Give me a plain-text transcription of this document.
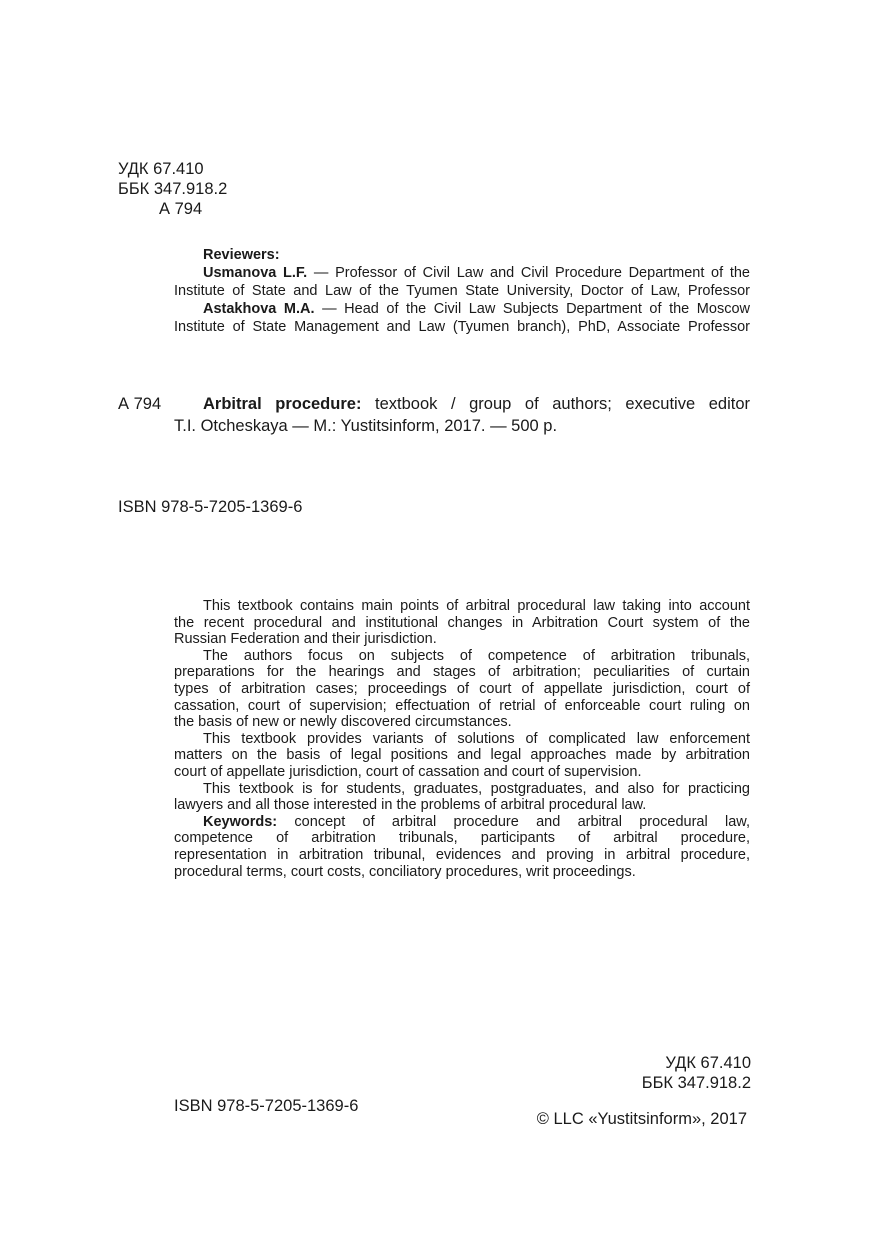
УДК 67.410
ББК 347.918.2
А 794
Reviewers:
Usmanova L.F. — Professor of Civil Law and Civil Procedure Department of the
Institute of State and Law of the Tyumen State University, Doctor of Law, Professor
Astakhova M.A. — Head of the Civil Law Subjects Department of the Moscow
Institute of State Management and Law (Tyumen branch), PhD, Associate Professor
А 794	Arbitral procedure: textbook / group of authors; executive editor
T.I. Otcheskaya — M.: Yustitsinform, 2017. — 500 p.
ISBN 978-5-7205-1369-6

This textbook contains main points of arbitral procedural law taking into account
the recent procedural and institutional changes in Arbitration Court system of the
Russian Federation and their jurisdiction.

The authors focus on subjects of competence of arbitration tribunals,
preparations for the hearings and stages of arbitration; peculiarities of curtain
types of arbitration cases; proceedings of court of appellate jurisdiction, court of
cassation, court of supervision; effectuation of retrial of enforceable court ruling on
the basis of new or newly discovered circumstances.

This textbook provides variants of solutions of complicated law enforcement
matters on the basis of legal positions and legal approaches made by arbitration
court of appellate jurisdiction, court of cassation and court of supervision.

This textbook is for students, graduates, postgraduates, and also for practicing
lawyers and all those interested in the problems of arbitral procedural law.

Keywords: concept of arbitral procedure and arbitral procedural law,
competence of arbitration tribunals, participants of arbitral procedure,
representation in arbitration tribunal, evidences and proving in arbitral procedure,
procedural terms, court costs, conciliatory procedures, writ proceedings.

УДК 67.410
ББК 347.918.2
ISBN 978-5-7205-1369-6
© LLC «Yustitsinform», 2017
